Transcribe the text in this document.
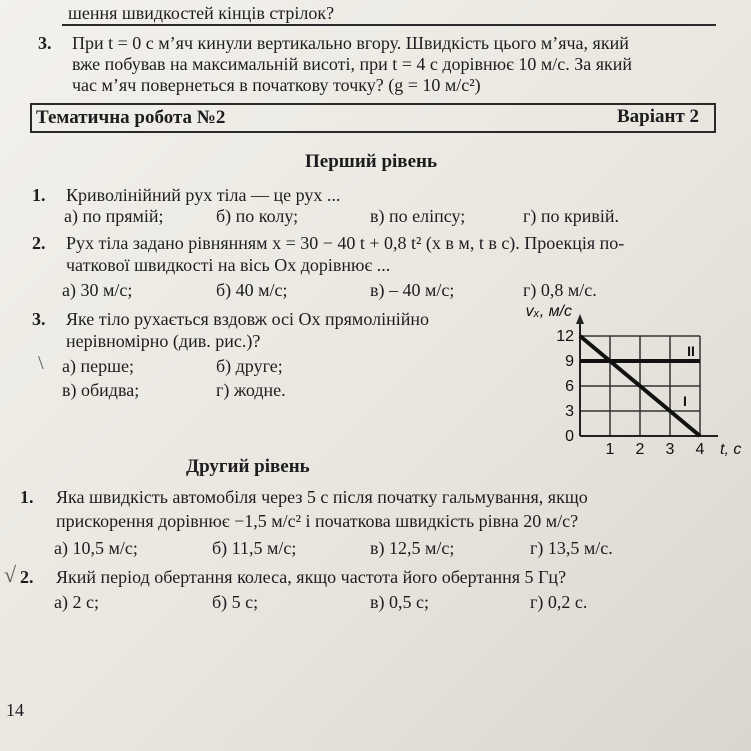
шення швидкостей кінців стрілок?
3. При t = 0 с м’яч кинули вертикально вгору. Швидкість цього м’яча, який
вже побував на максимальній висоті, при t = 4 с дорівнює 10 м/с. За який
час м’яч повернеться в початкову точку? (g = 10 м/с²)
Тематична робота №2	Варіант 2
Перший рівень
1. Криволінійний рух тіла — це рух ...
а) по прямій;	б) по колу;	в) по еліпсу;	г) по кривій.
2. Рух тіла задано рівнянням x = 30 − 40 t + 0,8 t² (x в м, t в с). Проекція по-
чаткової швидкості на вісь Ox дорівнює ...
а) 30 м/с;	б) 40 м/с;	в) – 40 м/с;	г) 0,8 м/с.
3. Яке тіло рухається вздовж осі Ox прямолінійно
нерівномірно (див. рис.)?
\ а) перше;	б) друге;
в) обидва;	г) жодне.
12
9
6
3
0
1 2 3 4
vₓ, м/с
t, с
II
I
Другий рівень
1. Яка швидкість автомобіля через 5 с після початку гальмування, якщо
прискорення дорівнює −1,5 м/с² і початкова швидкість рівна 20 м/с?
а) 10,5 м/с;	б) 11,5 м/с;	в) 12,5 м/с;	г) 13,5 м/с.
√ 2. Який період обертання колеса, якщо частота його обертання 5 Гц?
а) 2 с;	б) 5 с;	в) 0,5 с;	г) 0,2 с.
14
